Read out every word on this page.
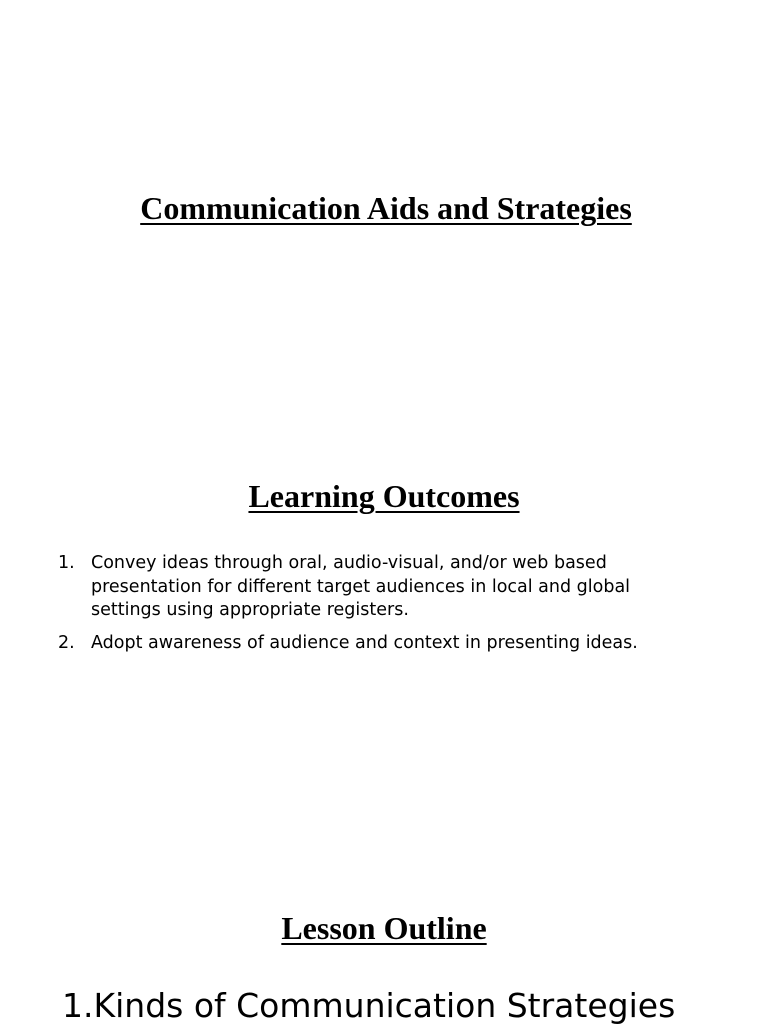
Communication Aids and Strategies
Learning Outcomes
1. Convey ideas through oral, audio-visual, and/or web based presentation for different target audiences in local and global settings using appropriate registers.
2. Adopt awareness of audience and context in presenting ideas.
Lesson Outline

1.Kinds of Communication Strategies
